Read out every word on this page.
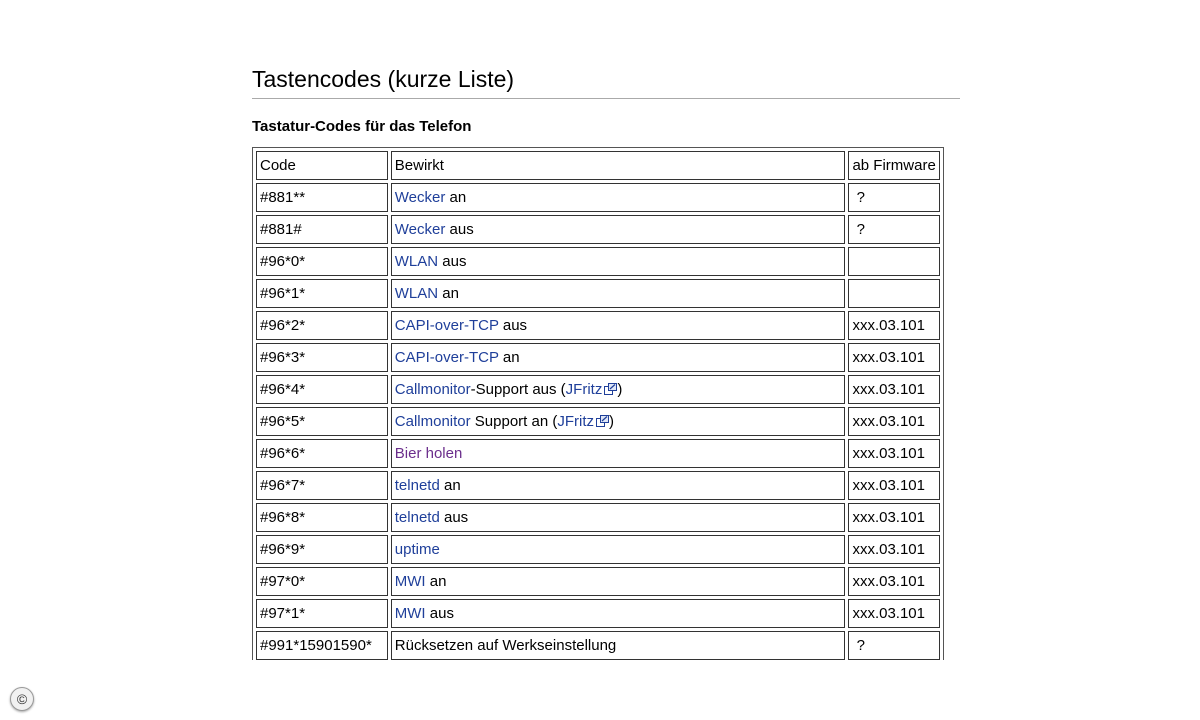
Tastencodes (kurze Liste)
Tastatur-Codes für das Telefon
Code	Bewirkt	ab Firmware
#881**	Wecker an	?
#881#	Wecker aus	?
#96*0*	WLAN aus	
#96*1*	WLAN an	
#96*2*	CAPI-over-TCP aus	xxx.03.101
#96*3*	CAPI-over-TCP an	xxx.03.101
#96*4*	Callmonitor-Support aus (JFritz )	xxx.03.101
#96*5*	Callmonitor Support an (JFritz )	xxx.03.101
#96*6*	Bier holen	xxx.03.101
#96*7*	telnetd an	xxx.03.101
#96*8*	telnetd aus	xxx.03.101
#96*9*	uptime	xxx.03.101
#97*0*	MWI an	xxx.03.101
#97*1*	MWI aus	xxx.03.101
#991*15901590*	Rücksetzen auf Werkseinstellung	?
©
